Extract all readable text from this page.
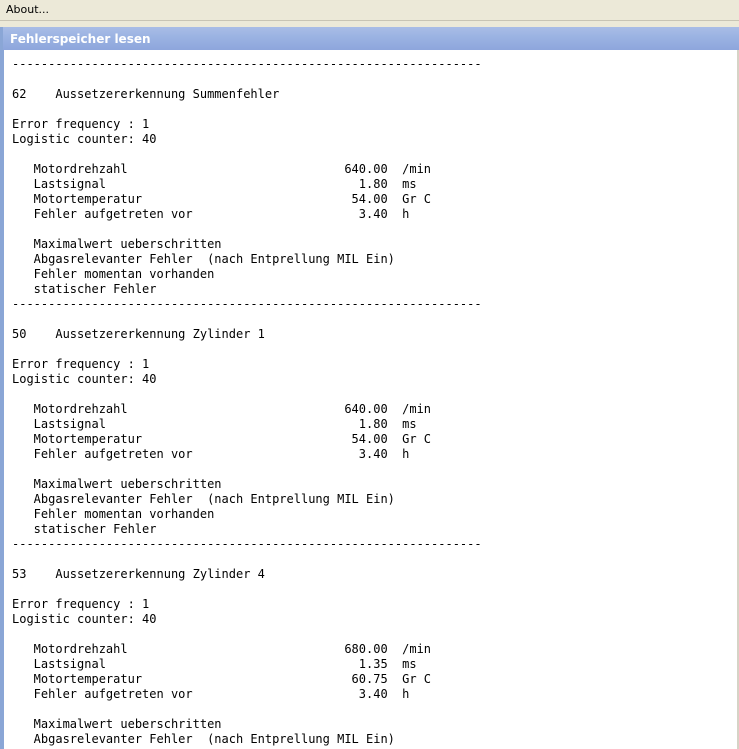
About...
Fehlerspeicher lesen
-----------------------------------------------------------------
62    Aussetzererkennung Summenfehler
Error frequency : 1
Logistic counter: 40
Motordrehzahl                              640.00  /min
Lastsignal                                   1.80  ms
Motortemperatur                             54.00  Gr C
Fehler aufgetreten vor                       3.40  h
Maximalwert ueberschritten
Abgasrelevanter Fehler  (nach Entprellung MIL Ein)
Fehler momentan vorhanden
statischer Fehler
-----------------------------------------------------------------
50    Aussetzererkennung Zylinder 1
Error frequency : 1
Logistic counter: 40
Motordrehzahl                              640.00  /min
Lastsignal                                   1.80  ms
Motortemperatur                             54.00  Gr C
Fehler aufgetreten vor                       3.40  h
Maximalwert ueberschritten
Abgasrelevanter Fehler  (nach Entprellung MIL Ein)
Fehler momentan vorhanden
statischer Fehler
-----------------------------------------------------------------
53    Aussetzererkennung Zylinder 4
Error frequency : 1
Logistic counter: 40
Motordrehzahl                              680.00  /min
Lastsignal                                   1.35  ms
Motortemperatur                             60.75  Gr C
Fehler aufgetreten vor                       3.40  h
Maximalwert ueberschritten
Abgasrelevanter Fehler  (nach Entprellung MIL Ein)
